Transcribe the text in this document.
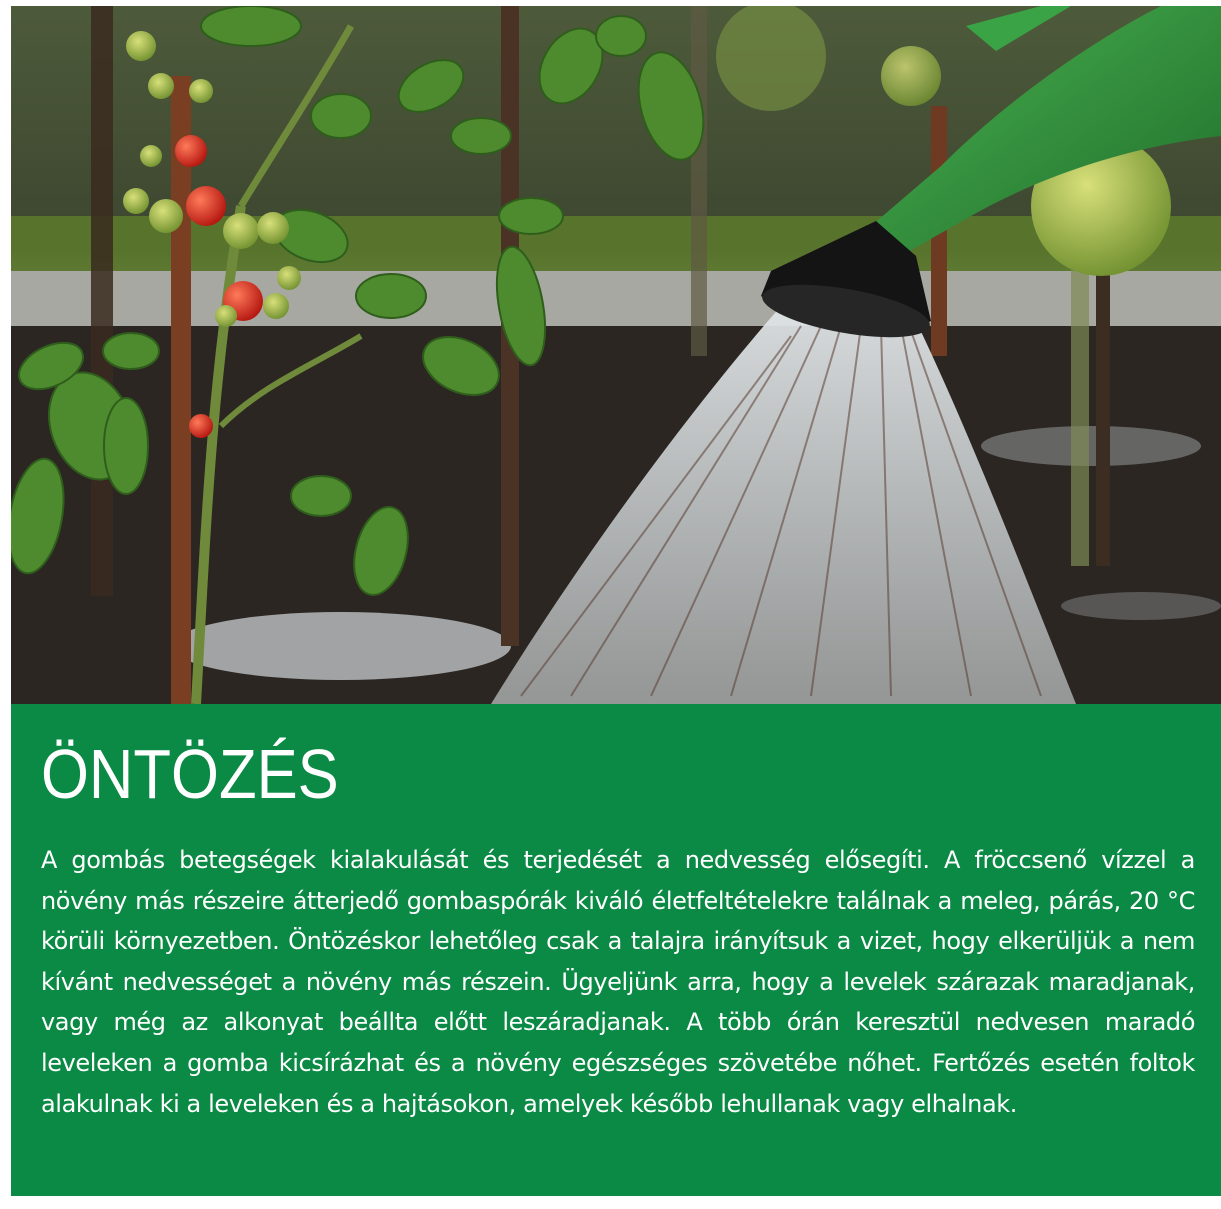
ÖNTÖZÉS

A gombás betegségek kialakulását és terjedését a nedvesség elősegíti. A fröccsenő vízzel a növény más részeire átterjedő gombaspórák kiváló életfeltételekre találnak a meleg, párás, 20 °C körüli környezetben. Öntözéskor lehetőleg csak a talajra irányítsuk a vizet, hogy elkerüljük a nem kívánt nedvességet a növény más részein. Ügyeljünk arra, hogy a levelek szárazak maradjanak, vagy még az alkonyat beállta előtt leszáradjanak. A több órán keresztül nedvesen maradó leveleken a gomba kicsírázhat és a növény egészséges szövetébe nőhet. Fertőzés esetén foltok alakulnak ki a leveleken és a hajtásokon, amelyek később lehullanak vagy elhalnak.
